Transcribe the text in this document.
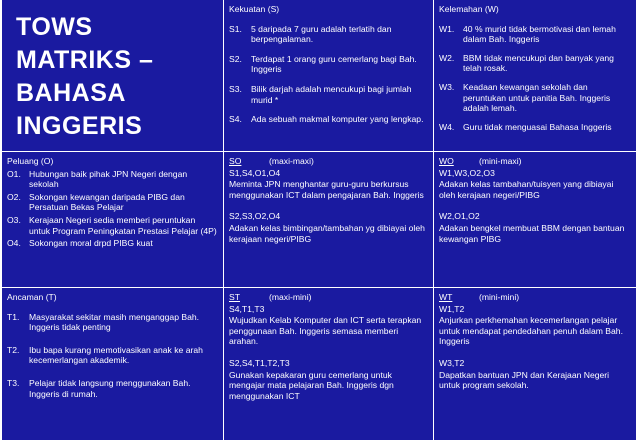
TOWS
MATRIKS –
BAHASA
INGGERIS
Kekuatan (S)
S1.	5 daripada 7 guru adalah terlatih dan berpengalaman.
S2.	Terdapat 1 orang guru cemerlang bagi Bah. Inggeris
S3.	Bilik darjah adalah mencukupi bagi jumlah murid *
S4.	Ada sebuah makmal komputer yang lengkap.
Kelemahan (W)
W1.	40 % murid tidak bermotivasi dan lemah dalam Bah. Inggeris
W2.	BBM tidak mencukupi dan banyak yang telah rosak.
W3.	Keadaan kewangan sekolah dan peruntukan untuk panitia Bah. Inggeris adalah lemah.
W4.	Guru tidak menguasai Bahasa Inggeris
Peluang (O)
O1. Hubungan baik pihak JPN Negeri dengan sekolah
O2. Sokongan kewangan daripada PIBG dan Persatuan Bekas Pelajar
O3. Kerajaan Negeri sedia memberi peruntukan untuk Program Peningkatan Prestasi Pelajar (4P)
O4. Sokongan moral drpd PIBG kuat
SO	(maxi-maxi)
S1,S4,O1,O4
Meminta JPN menghantar guru-guru berkursus menggunakan ICT dalam pengajaran Bah. Inggeris
S2,S3,O2,O4
Adakan kelas bimbingan/tambahan yg dibiayai oleh kerajaan negeri/PIBG
WO	(mini-maxi)
W1,W3,O2,O3
Adakan kelas tambahan/tuisyen yang dibiayai oleh kerajaan negeri/PIBG
W2,O1,O2
Adakan bengkel membuat BBM dengan bantuan kewangan PIBG
Ancaman (T)
T1.	Masyarakat sekitar masih menganggap Bah. Inggeris tidak penting
T2.	Ibu bapa kurang memotivasikan anak ke arah kecemerlangan akademik.
T3.	Pelajar tidak langsung menggunakan Bah. Inggeris di rumah.
ST	(maxi-mini)
S4,T1,T3
Wujudkan Kelab Komputer dan ICT serta terapkan penggunaan Bah. Inggeris semasa memberi arahan.
S2,S4,T1,T2,T3
Gunakan kepakaran guru cemerlang untuk mengajar mata pelajaran Bah. Inggeris dgn menggunakan ICT
WT	(mini-mini)
W1,T2
Anjurkan perkhemahan kecemerlangan pelajar untuk mendapat pendedahan penuh dalam Bah. Inggeris
W3,T2
Dapatkan bantuan JPN dan Kerajaan Negeri untuk program sekolah.
